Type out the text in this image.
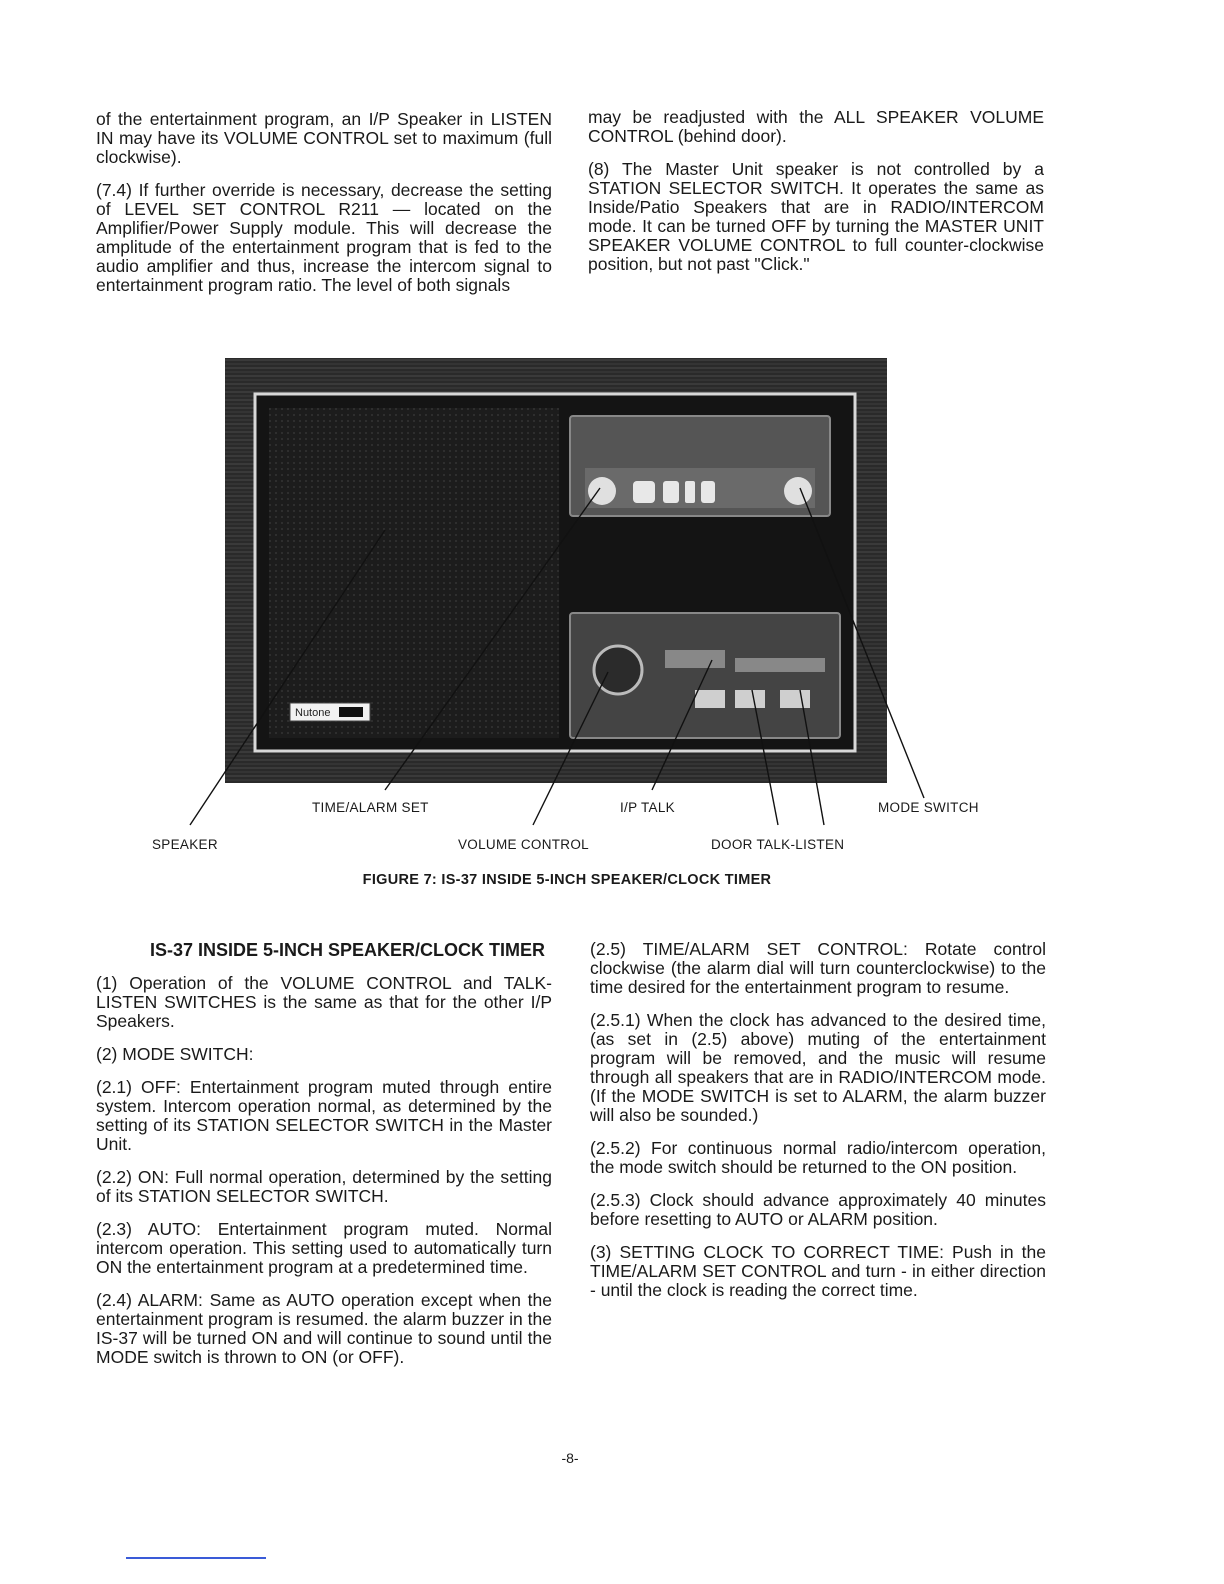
of the entertainment program, an I/P Speaker in LISTEN IN may have its VOLUME CONTROL set to maximum (full clockwise).

(7.4) If further override is necessary, decrease the setting of LEVEL SET CONTROL R211 — located on the Amplifier/Power Supply module. This will decrease the amplitude of the entertainment program that is fed to the audio amplifier and thus, increase the intercom signal to entertainment program ratio. The level of both signals

may be readjusted with the ALL SPEAKER VOLUME CONTROL (behind door).

(8) The Master Unit speaker is not controlled by a STATION SELECTOR SWITCH. It operates the same as Inside/Patio Speakers that are in RADIO/INTERCOM mode. It can be turned OFF by turning the MASTER UNIT SPEAKER VOLUME CONTROL to full counter-clockwise position, but not past "Click."

Nutone
TIME/ALARM SET	I/P TALK	MODE SWITCH
SPEAKER	VOLUME CONTROL	DOOR TALK-LISTEN
FIGURE 7: IS-37 INSIDE 5-INCH SPEAKER/CLOCK TIMER

IS-37 INSIDE 5-INCH SPEAKER/CLOCK TIMER

(1) Operation of the VOLUME CONTROL and TALK-LISTEN SWITCHES is the same as that for the other I/P Speakers.

(2) MODE SWITCH:

(2.1) OFF: Entertainment program muted through entire system. Intercom operation normal, as determined by the setting of its STATION SELECTOR SWITCH in the Master Unit.

(2.2) ON: Full normal operation, determined by the setting of its STATION SELECTOR SWITCH.

(2.3) AUTO: Entertainment program muted. Normal intercom operation. This setting used to automatically turn ON the entertainment program at a predetermined time.

(2.4) ALARM: Same as AUTO operation except when the entertainment program is resumed. the alarm buzzer in the IS-37 will be turned ON and will continue to sound until the MODE switch is thrown to ON (or OFF).

(2.5) TIME/ALARM SET CONTROL: Rotate control clockwise (the alarm dial will turn counterclockwise) to the time desired for the entertainment program to resume.

(2.5.1) When the clock has advanced to the desired time, (as set in (2.5) above) muting of the entertainment program will be removed, and the music will resume through all speakers that are in RADIO/INTERCOM mode. (If the MODE SWITCH is set to ALARM, the alarm buzzer will also be sounded.)

(2.5.2) For continuous normal radio/intercom operation, the mode switch should be returned to the ON position.

(2.5.3) Clock should advance approximately 40 minutes before resetting to AUTO or ALARM position.

(3) SETTING CLOCK TO CORRECT TIME: Push in the TIME/ALARM SET CONTROL and turn - in either direction - until the clock is reading the correct time.

-8-
